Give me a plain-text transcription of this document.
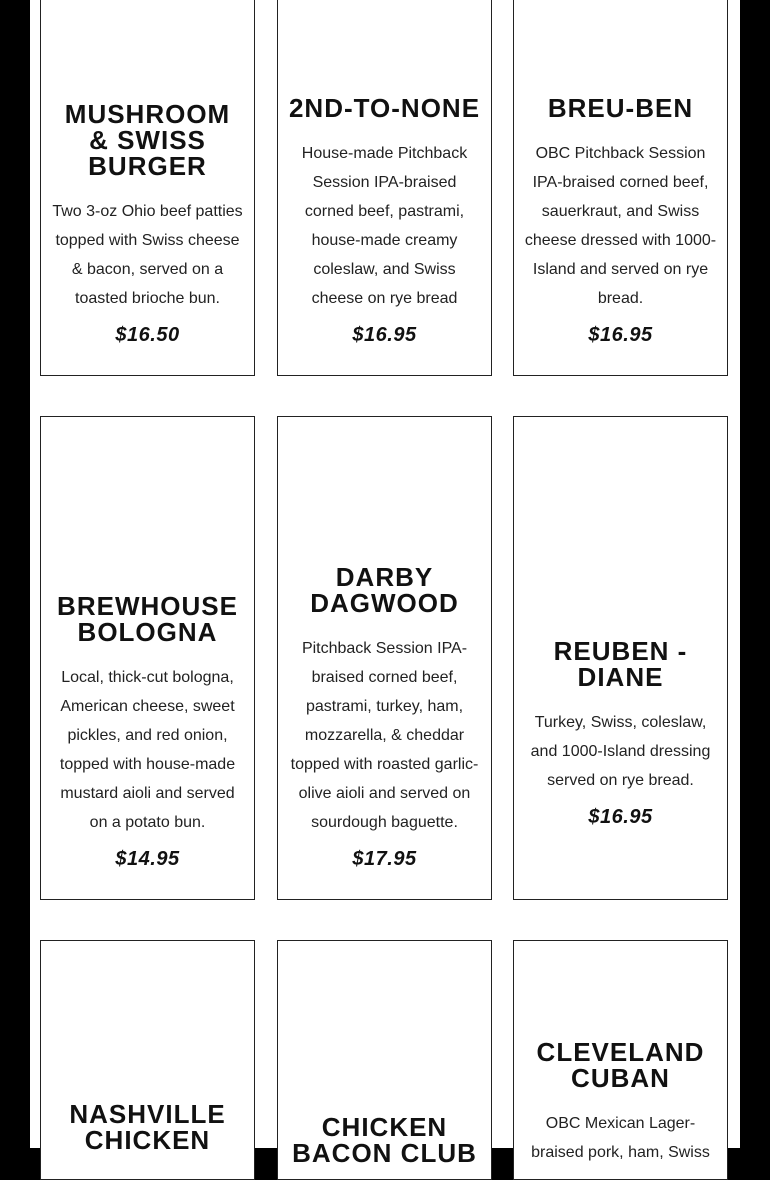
MUSHROOM & SWISS BURGER

Two 3-oz Ohio beef patties topped with Swiss cheese & bacon, served on a toasted brioche bun.

$16.50

2ND-TO-NONE

House-made Pitchback Session IPA-braised corned beef, pastrami, house-made creamy coleslaw, and Swiss cheese on rye bread

$16.95

BREU-BEN

OBC Pitchback Session IPA-braised corned beef, sauerkraut, and Swiss cheese dressed with 1000-Island and served on rye bread.

$16.95

BREWHOUSE BOLOGNA

Local, thick-cut bologna, American cheese, sweet pickles, and red onion, topped with house-made mustard aioli and served on a potato bun.

$14.95

DARBY DAGWOOD

Pitchback Session IPA-braised corned beef, pastrami, turkey, ham, mozzarella, & cheddar topped with roasted garlic-olive aioli and served on sourdough baguette.

$17.95

REUBEN - DIANE

Turkey, Swiss, coleslaw, and 1000-Island dressing served on rye bread.

$16.95

NASHVILLE CHICKEN	CHICKEN BACON CLUB

CLEVELAND CUBAN

OBC Mexican Lager-braised pork, ham, Swiss
